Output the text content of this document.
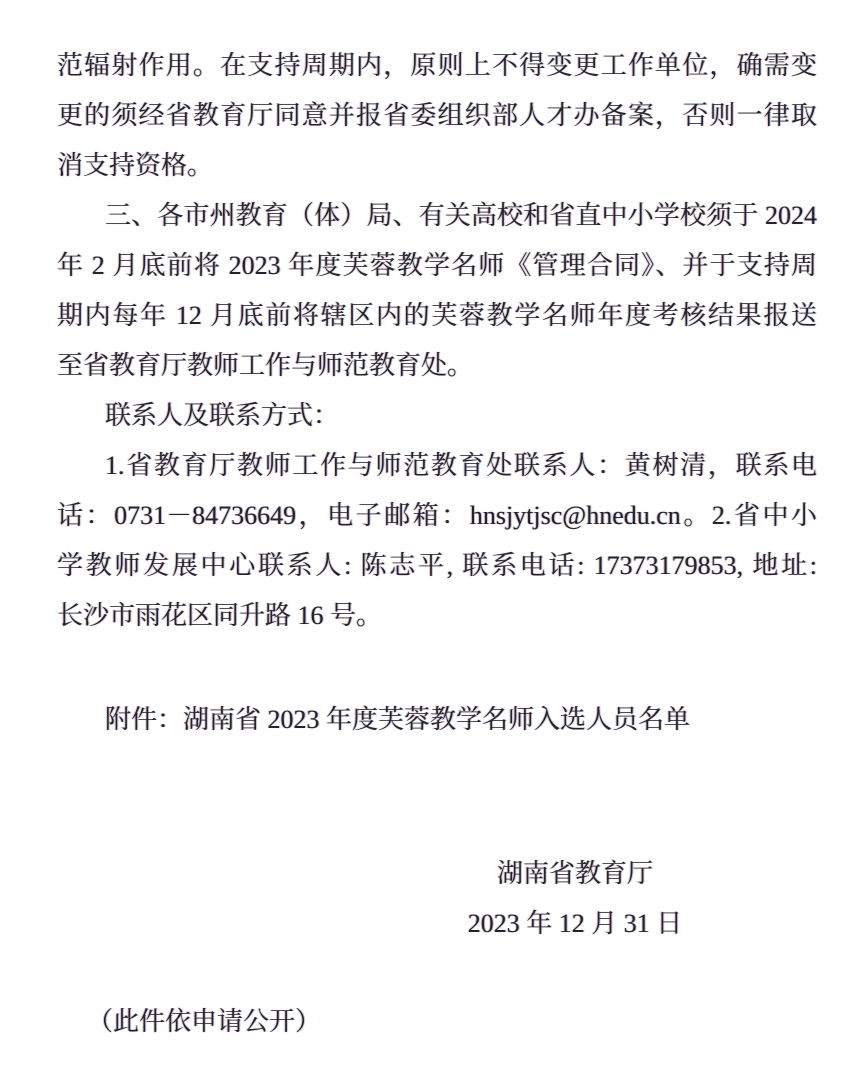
范辐射作用。在支持周期内，原则上不得变更工作单位，确需变
更的须经省教育厅同意并报省委组织部人才办备案，否则一律取
消支持资格。
三、各市州教育（体）局、有关高校和省直中小学校须于 2024
年 2 月底前将 2023 年度芙蓉教学名师《管理合同》、并于支持周
期内每年 12 月底前将辖区内的芙蓉教学名师年度考核结果报送
至省教育厅教师工作与师范教育处。
联系人及联系方式：
1.省教育厅教师工作与师范教育处联系人：黄树清，联系电
话：0731－84736649，电子邮箱：hnsjytjsc@hnedu.cn。2.省中小
学教师发展中心联系人: 陈志平, 联系电话: 17373179853, 地址:
长沙市雨花区同升路 16 号。
附件：湖南省 2023 年度芙蓉教学名师入选人员名单
湖南省教育厅
2023 年 12 月 31 日
（此件依申请公开）
